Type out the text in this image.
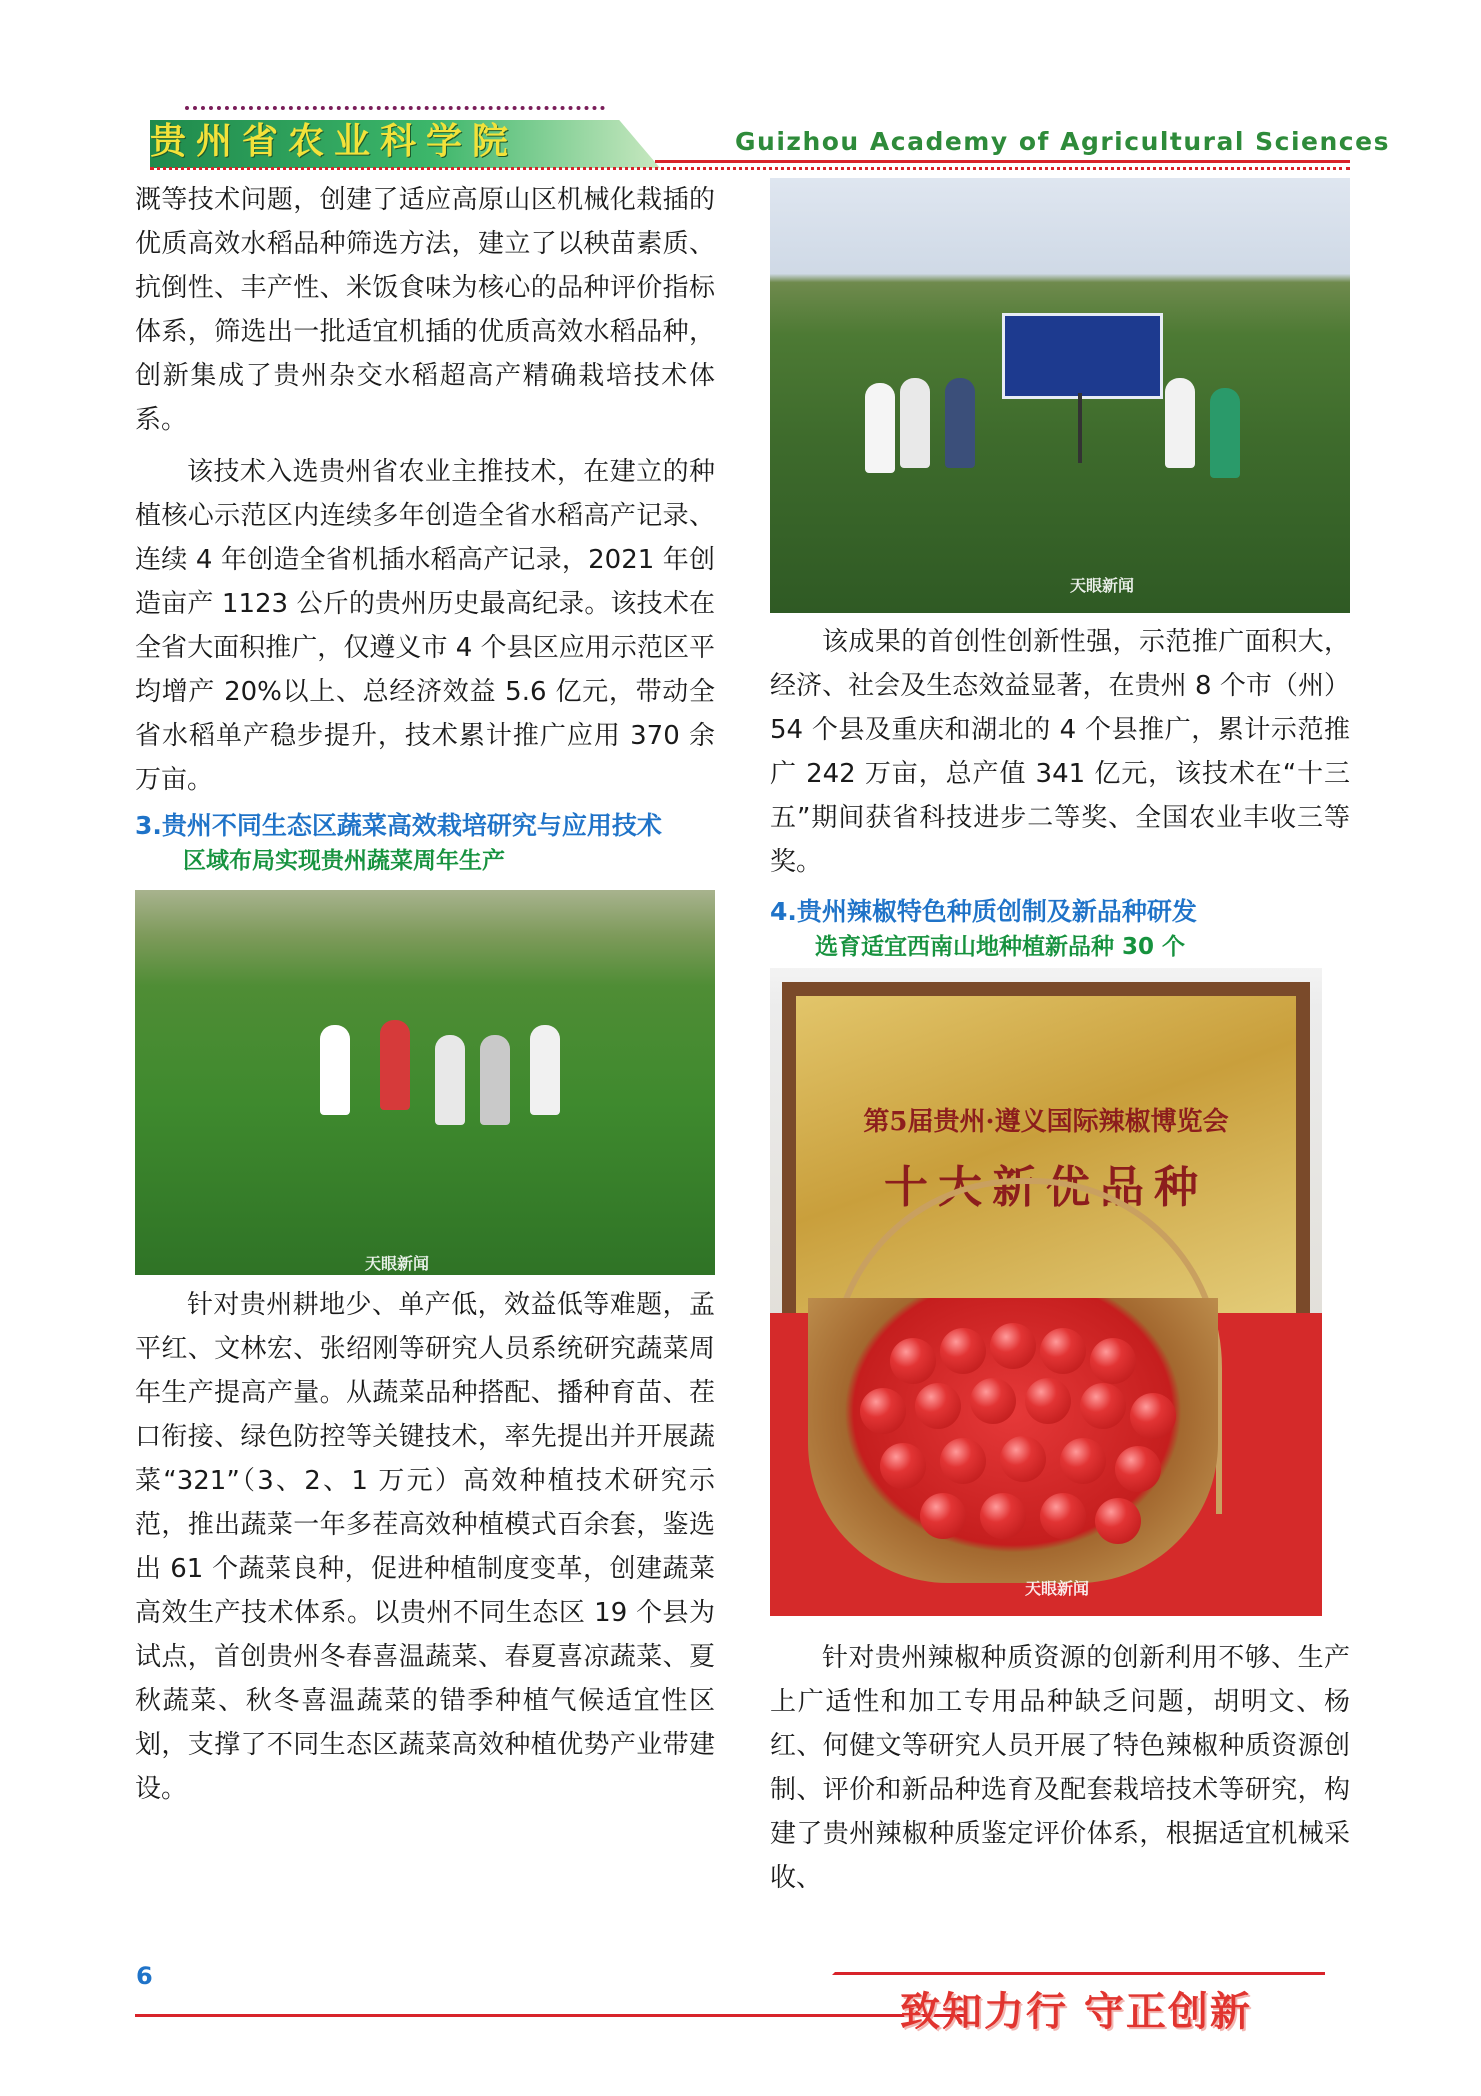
贵州省农业科学院	Guizhou Academy of Agricultural Sciences

溉等技术问题，创建了适应高原山区机械化栽插的优质高效水稻品种筛选方法，建立了以秧苗素质、抗倒性、丰产性、米饭食味为核心的品种评价指标体系，筛选出一批适宜机插的优质高效水稻品种，创新集成了贵州杂交水稻超高产精确栽培技术体系。

该技术入选贵州省农业主推技术，在建立的种植核心示范区内连续多年创造全省水稻高产记录、连续 4 年创造全省机插水稻高产记录，2021 年创造亩产 1123 公斤的贵州历史最高纪录。该技术在全省大面积推广，仅遵义市 4 个县区应用示范区平均增产 20%以上、总经济效益 5.6 亿元，带动全省水稻单产稳步提升，技术累计推广应用 370 余万亩。

3.贵州不同生态区蔬菜高效栽培研究与应用技术
区域布局实现贵州蔬菜周年生产
天眼新闻

针对贵州耕地少、单产低，效益低等难题，孟平红、文林宏、张绍刚等研究人员系统研究蔬菜周年生产提高产量。从蔬菜品种搭配、播种育苗、茬口衔接、绿色防控等关键技术，率先提出并开展蔬菜“321”（3、2、1 万元）高效种植技术研究示范，推出蔬菜一年多茬高效种植模式百余套，鉴选出 61 个蔬菜良种，促进种植制度变革，创建蔬菜高效生产技术体系。以贵州不同生态区 19 个县为试点，首创贵州冬春喜温蔬菜、春夏喜凉蔬菜、夏秋蔬菜、秋冬喜温蔬菜的错季种植气候适宜性区划，支撑了不同生态区蔬菜高效种植优势产业带建设。

天眼新闻

该成果的首创性创新性强，示范推广面积大，经济、社会及生态效益显著，在贵州 8 个市（州）54 个县及重庆和湖北的 4 个县推广，累计示范推广 242 万亩，总产值 341 亿元，该技术在“十三五”期间获省科技进步二等奖、全国农业丰收三等奖。

4.贵州辣椒特色种质创制及新品种研发
选育适宜西南山地种植新品种 30 个
第5届贵州·遵义国际辣椒博览会
十大新优品种
天眼新闻

针对贵州辣椒种质资源的创新利用不够、生产上广适性和加工专用品种缺乏问题，胡明文、杨红、何健文等研究人员开展了特色辣椒种质资源创制、评价和新品种选育及配套栽培技术等研究，构建了贵州辣椒种质鉴定评价体系，根据适宜机械采收、

6
致知力行 守正创新
